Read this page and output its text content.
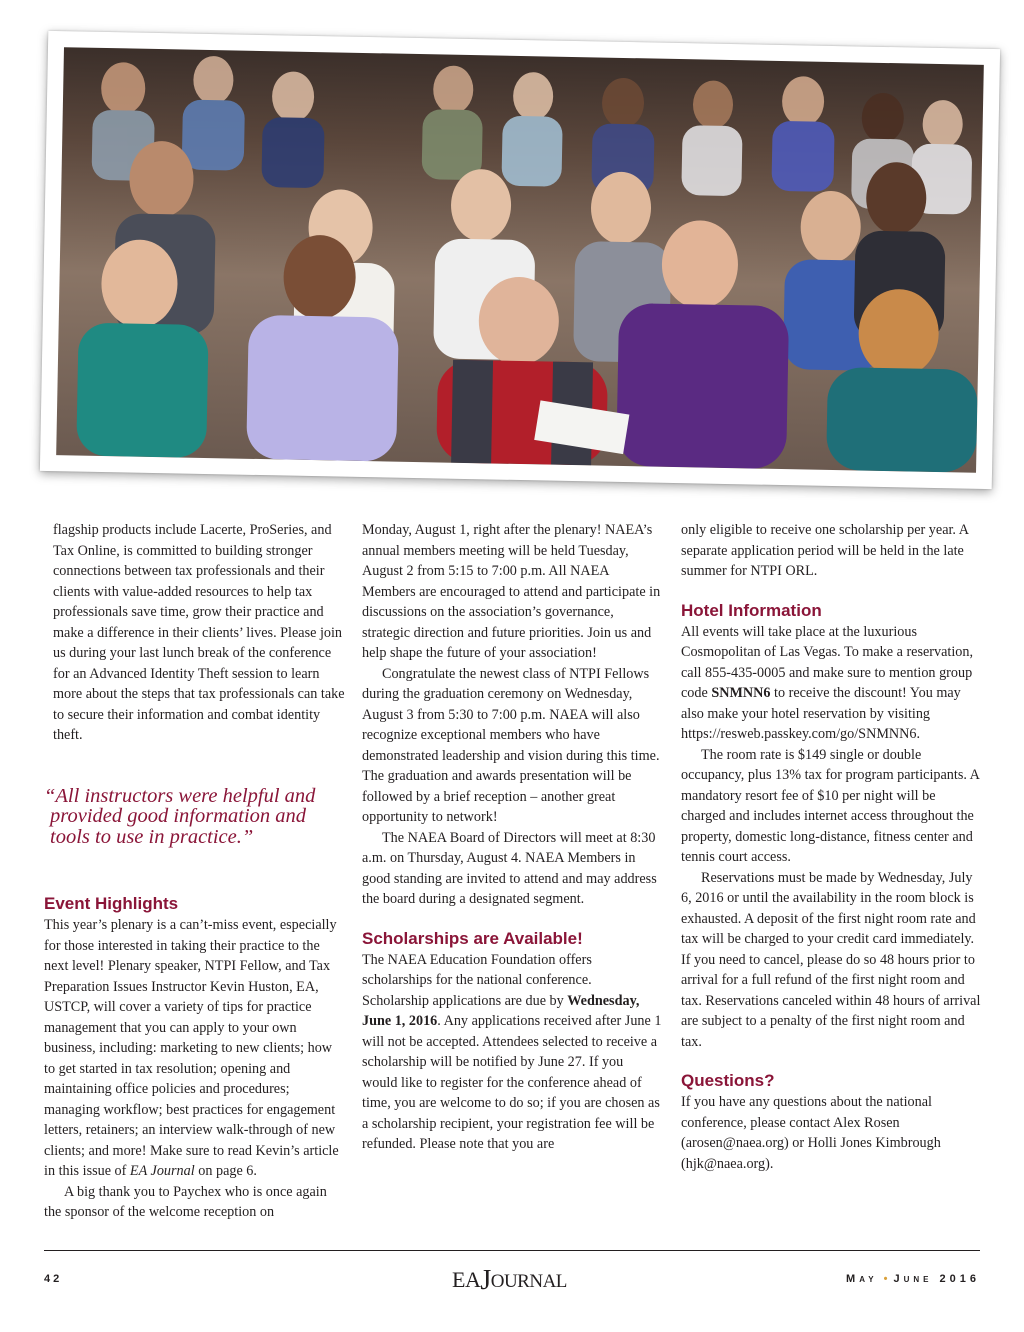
flagship products include Lacerte, ProSeries, and Tax Online, is committed to building stronger connections between tax professionals and their clients with value-added resources to help tax professionals save time, grow their practice and make a difference in their clients’ lives. Please join us during your last lunch break of the conference for an Advanced Identity Theft session to learn more about the steps that tax professionals can take to secure their information and combat identity theft.

“All instructors were helpful and
provided good information and tools to use in practice.”

Event Highlights

This year’s plenary is a can’t-miss event, especially for those interested in taking their practice to the next level! Plenary speaker, NTPI Fellow, and Tax Preparation Issues Instructor Kevin Huston, EA, USTCP, will cover a variety of tips for practice management that you can apply to your own business, including: marketing to new clients; how to get started in tax resolution; opening and maintaining office policies and procedures; managing workflow; best practices for engagement letters, retainers; an interview walk-through of new clients; and more! Make sure to read Kevin’s article in this issue of EA Journal on page 6.

A big thank you to Paychex who is once again the sponsor of the welcome reception on

Monday, August 1, right after the plenary! NAEA’s annual members meeting will be held Tuesday, August 2 from 5:15 to 7:00 p.m. All NAEA Members are encouraged to attend and participate in discussions on the association’s governance, strategic direction and future priorities. Join us and help shape the future of your association!

Congratulate the newest class of NTPI Fellows during the graduation ceremony on Wednesday, August 3 from 5:30 to 7:00 p.m. NAEA will also recognize exceptional members who have demonstrated leadership and vision during this time. The graduation and awards presentation will be followed by a brief reception – another great opportunity to network!

The NAEA Board of Directors will meet at 8:30 a.m. on Thursday, August 4. NAEA Members in good standing are invited to attend and may address the board during a designated segment.

Scholarships are Available!

The NAEA Education Foundation offers scholarships for the national conference. Scholarship applications are due by Wednesday, June 1, 2016. Any applications received after June 1 will not be accepted. Attendees selected to receive a scholarship will be notified by June 27. If you would like to register for the conference ahead of time, you are welcome to do so; if you are chosen as a scholarship recipient, your registration fee will be refunded. Please note that you are

only eligible to receive one scholarship per year. A separate application period will be held in the late summer for NTPI ORL.

Hotel Information

All events will take place at the luxurious Cosmopolitan of Las Vegas. To make a reservation, call 855-435-0005 and make sure to mention group code SNMNN6 to receive the discount! You may also make your hotel reservation by visiting https://resweb.passkey.com/go/SNMNN6.

The room rate is $149 single or double occupancy, plus 13% tax for program participants. A mandatory resort fee of $10 per night will be charged and includes internet access throughout the property, domestic long-distance, fitness center and tennis court access.

Reservations must be made by Wednesday, July 6, 2016 or until the availability in the room block is exhausted. A deposit of the first night room rate and tax will be charged to your credit card immediately. If you need to cancel, please do so 48 hours prior to arrival for a full refund of the first night room and tax. Reservations canceled within 48 hours of arrival are subject to a penalty of the first night room and tax.

Questions?

If you have any questions about the national conference, please contact Alex Rosen (arosen@naea.org) or Holli Jones Kimbrough (hjk@naea.org).

42	EA J OURNAL	May • June 2016
